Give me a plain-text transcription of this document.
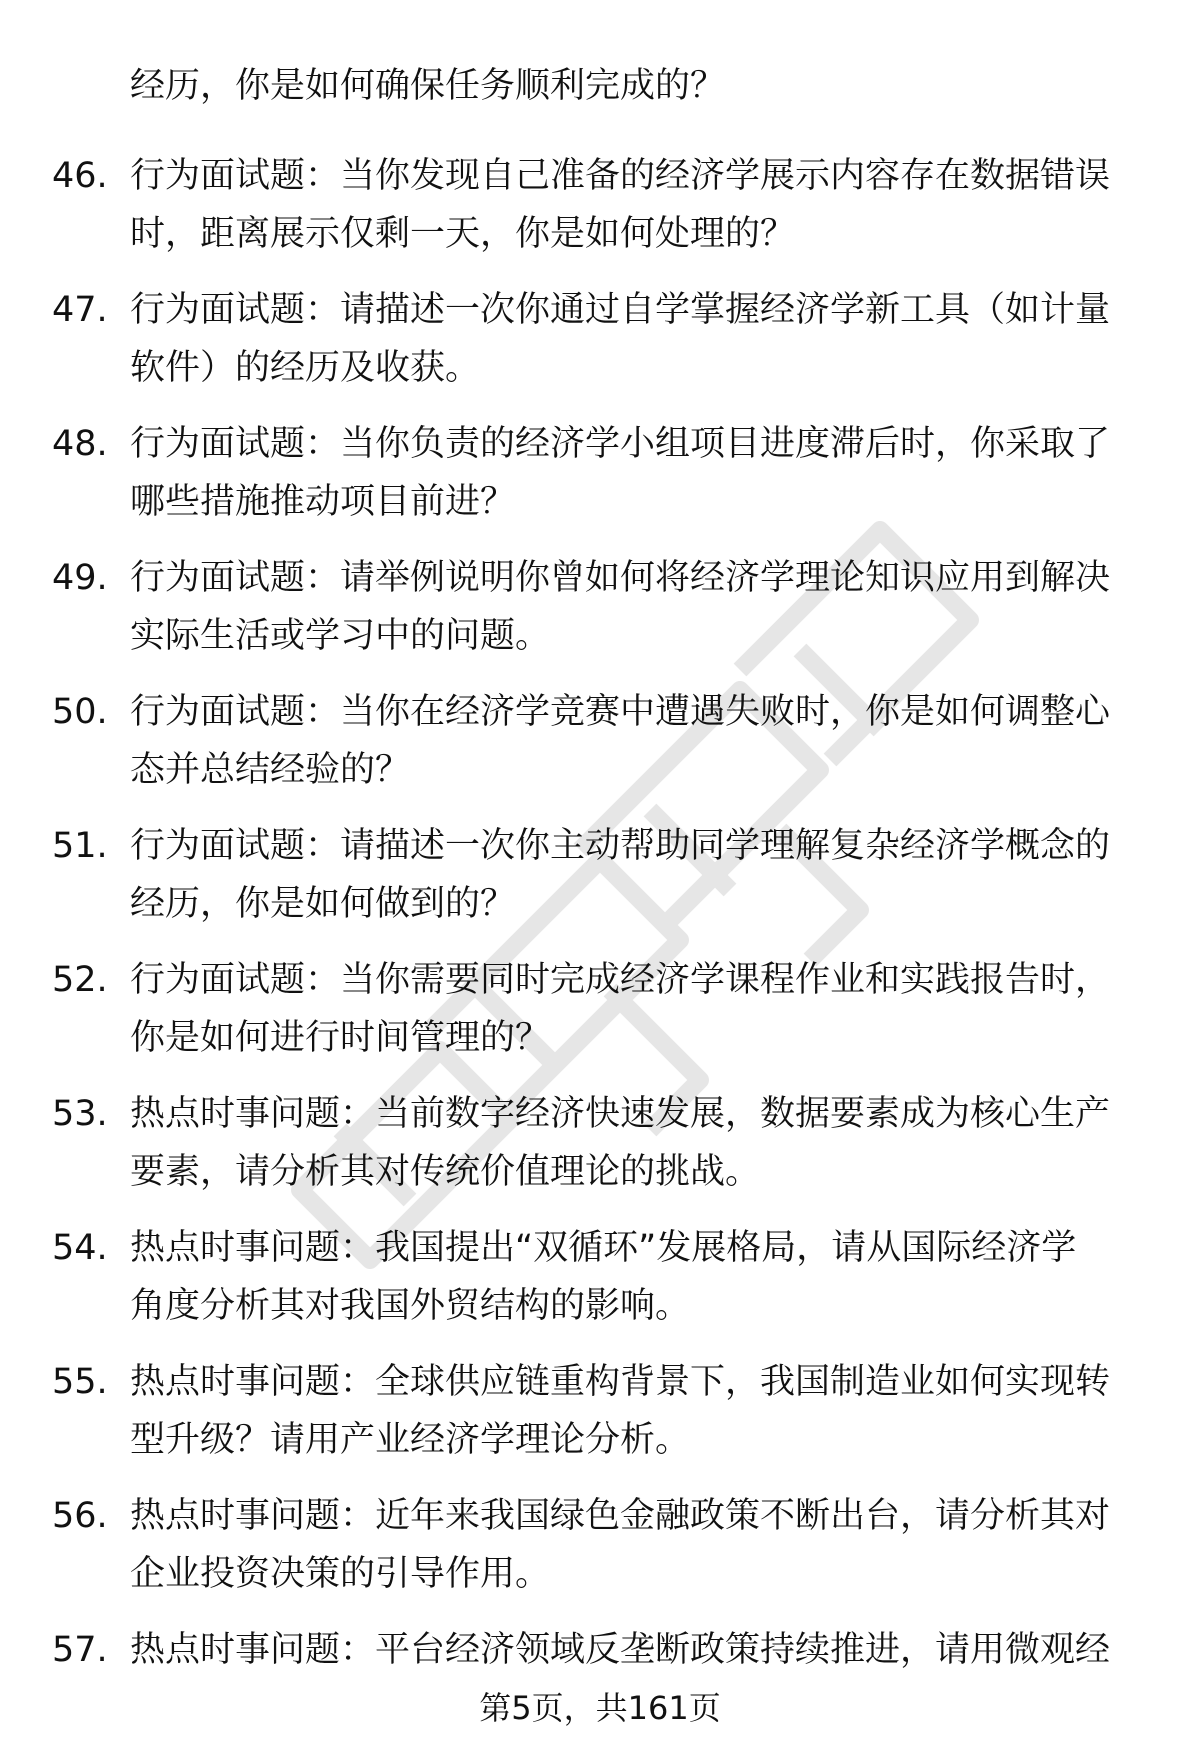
经历，你是如何确保任务顺利完成的？
46. 行为面试题：当你发现自己准备的经济学展示内容存在数据错误
时，距离展示仅剩一天，你是如何处理的？
47. 行为面试题：请描述一次你通过自学掌握经济学新工具（如计量
软件）的经历及收获。
48. 行为面试题：当你负责的经济学小组项目进度滞后时，你采取了
哪些措施推动项目前进？
49. 行为面试题：请举例说明你曾如何将经济学理论知识应用到解决
实际生活或学习中的问题。
50. 行为面试题：当你在经济学竞赛中遭遇失败时，你是如何调整心
态并总结经验的？
51. 行为面试题：请描述一次你主动帮助同学理解复杂经济学概念的
经历，你是如何做到的？
52. 行为面试题：当你需要同时完成经济学课程作业和实践报告时，
你是如何进行时间管理的？
53. 热点时事问题：当前数字经济快速发展，数据要素成为核心生产
要素，请分析其对传统价值理论的挑战。
54. 热点时事问题：我国提出“双循环”发展格局，请从国际经济学
角度分析其对我国外贸结构的影响。
55. 热点时事问题：全球供应链重构背景下，我国制造业如何实现转
型升级？请用产业经济学理论分析。
56. 热点时事问题：近年来我国绿色金融政策不断出台，请分析其对
企业投资决策的引导作用。
57. 热点时事问题：平台经济领域反垄断政策持续推进，请用微观经
第5页，共161页
